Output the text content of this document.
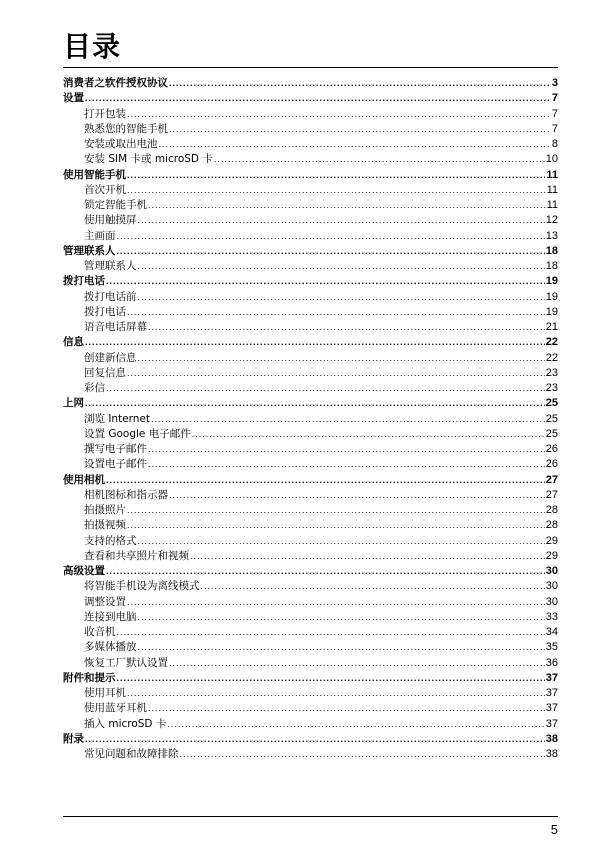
目录
消费者之软件授权协议 .....	3
设置 .....	7
打开包装 .....	7
熟悉您的智能手机 .....	7
安装或取出电池 .....	8
安装 SIM 卡或 microSD 卡 .....	10
使用智能手机 .....	11
首次开机 .....	11
锁定智能手机 .....	11
使用触摸屏 .....	12
主画面 .....	13
管理联系人 .....	18
管理联系人 .....	18
拨打电话 .....	19
拨打电话前 .....	19
拨打电话 .....	19
语音电话屏幕 .....	21
信息 .....	22
创建新信息 .....	22
回复信息 .....	23
彩信 .....	23
上网 .....	25
浏览 Internet .....	25
设置 Google 电子邮件 .....	25
撰写电子邮件 .....	26
设置电子邮件 .....	26
使用相机 .....	27
相机图标和指示器 .....	27
拍摄照片 .....	28
拍摄视频 .....	28
支持的格式 .....	29
查看和共享照片和视频 .....	29
高级设置 .....	30
将智能手机设为离线模式 .....	30
调整设置 .....	30
连接到电脑 .....	33
收音机 .....	34
多媒体播放 .....	35
恢复工厂默认设置 .....	36
附件和提示 .....	37
使用耳机 .....	37
使用蓝牙耳机 .....	37
插入 microSD 卡 .....	37
附录 .....	38
常见问题和故障排除 .....	38
5
